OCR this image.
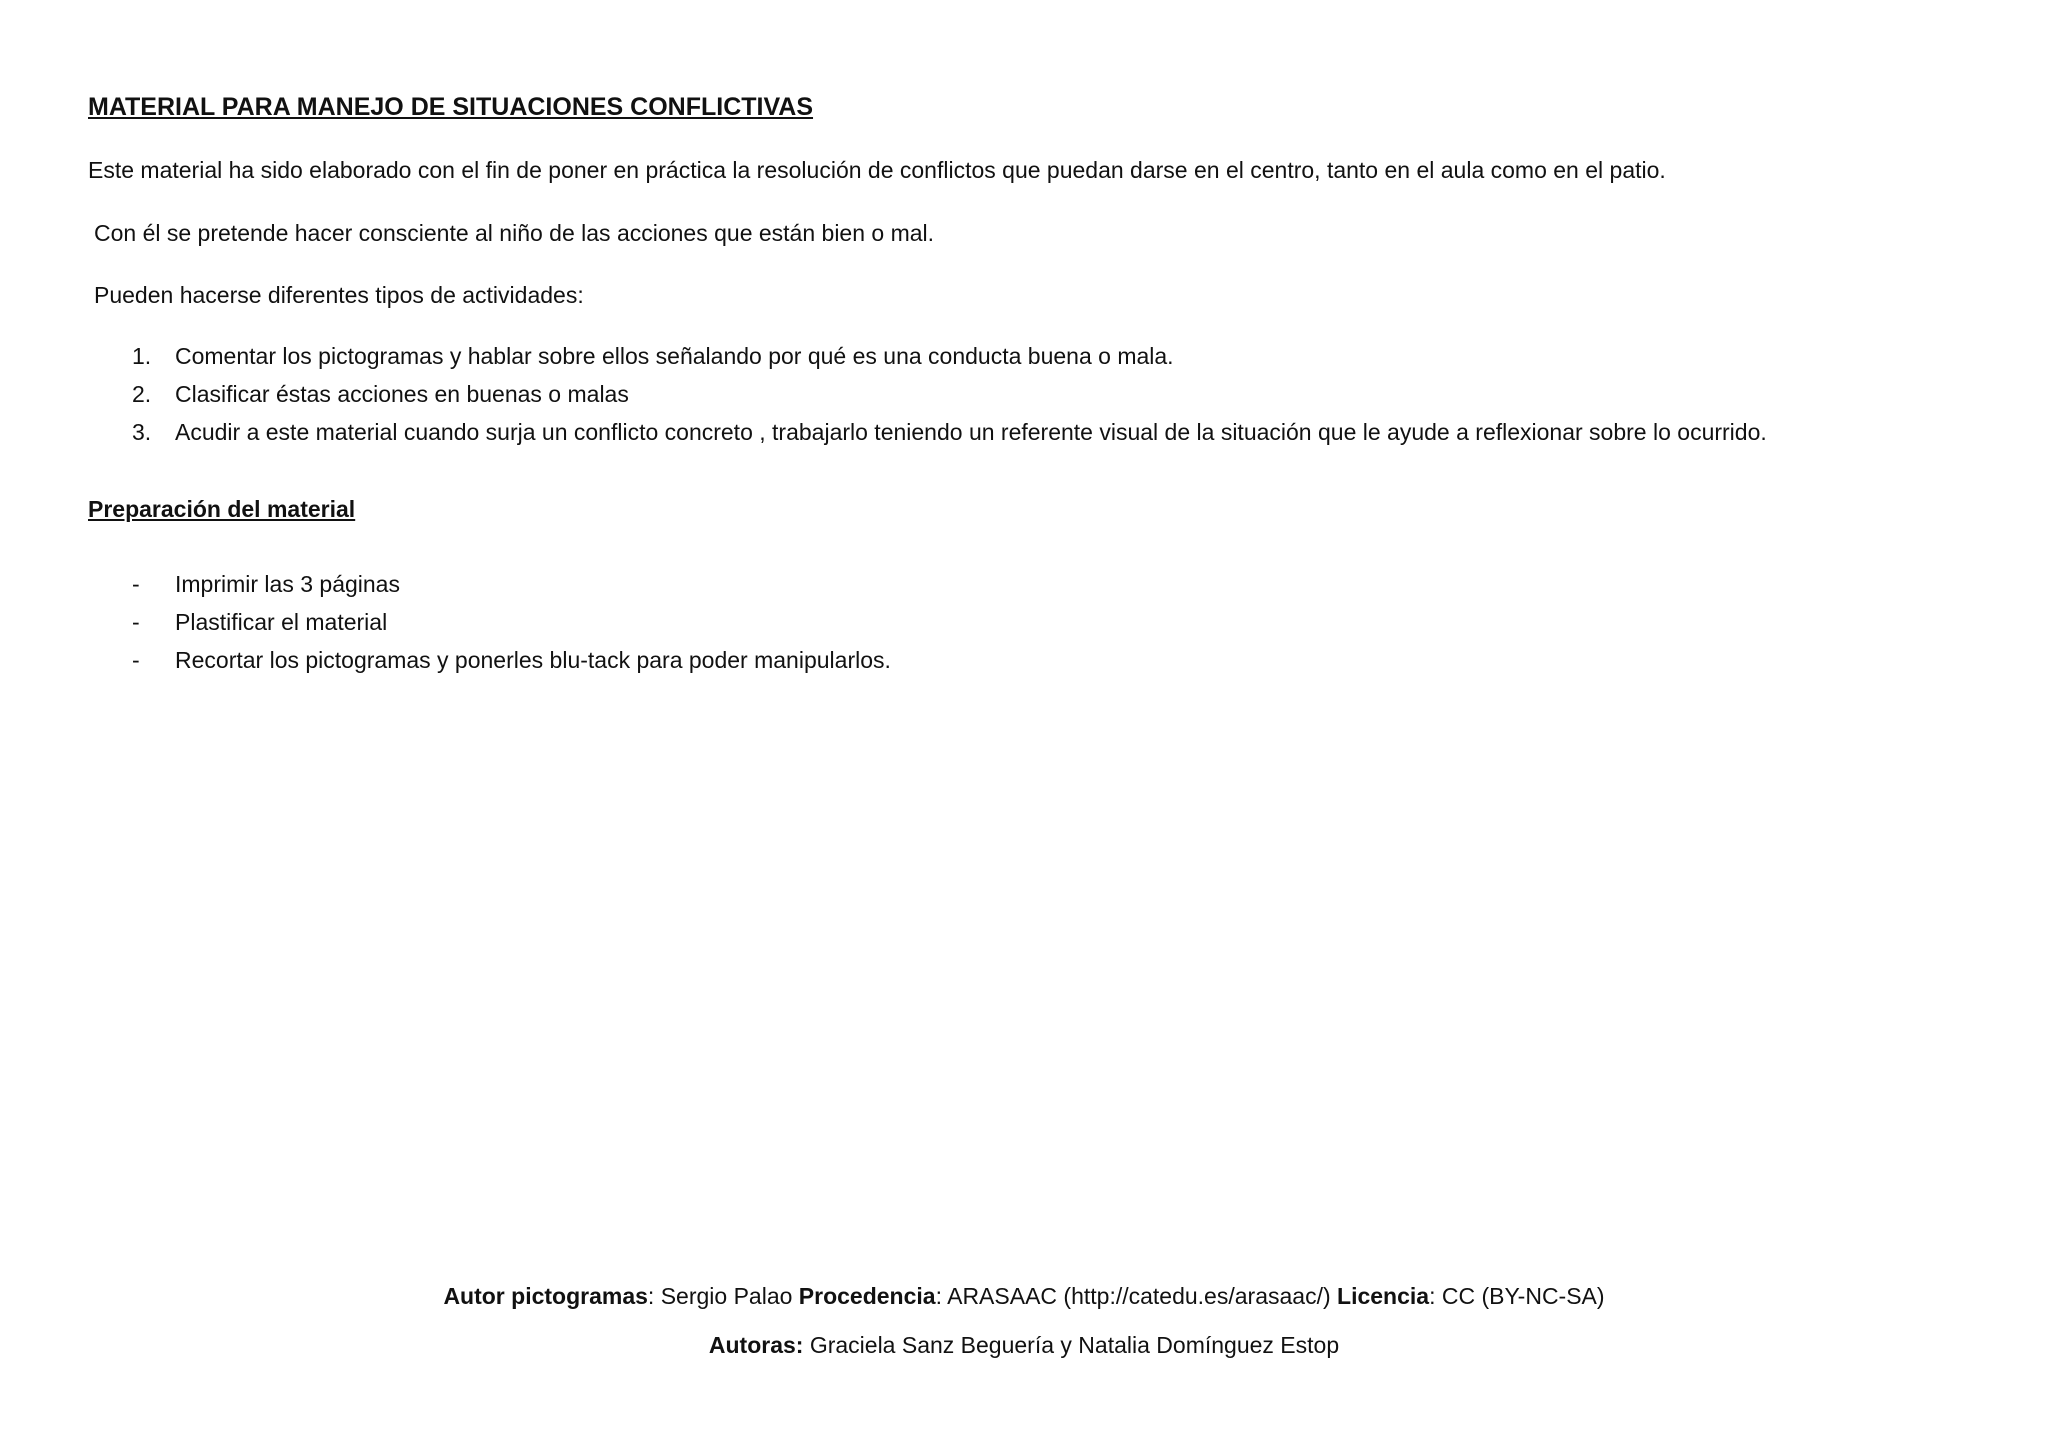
MATERIAL PARA MANEJO DE SITUACIONES CONFLICTIVAS

Este material ha sido elaborado con el fin de poner en práctica la resolución de conflictos que puedan darse en el centro, tanto en el aula como en el patio.

Con él se pretende hacer consciente al niño de las acciones que están bien o mal.

Pueden hacerse diferentes tipos de actividades:

1. Comentar los pictogramas y hablar sobre ellos señalando por qué es una conducta buena o mala.
2. Clasificar éstas acciones en buenas o malas
3. Acudir a este material cuando surja un conflicto concreto , trabajarlo teniendo un referente visual de la situación que le ayude a reflexionar sobre lo ocurrido.
Preparación del material
- Imprimir las 3 páginas
- Plastificar el material
- Recortar los pictogramas y ponerles blu-tack para poder manipularlos.

Autor pictogramas: Sergio Palao Procedencia: ARASAAC (http://catedu.es/arasaac/) Licencia: CC (BY-NC-SA)

Autoras: Graciela Sanz Beguería y Natalia Domínguez Estop
